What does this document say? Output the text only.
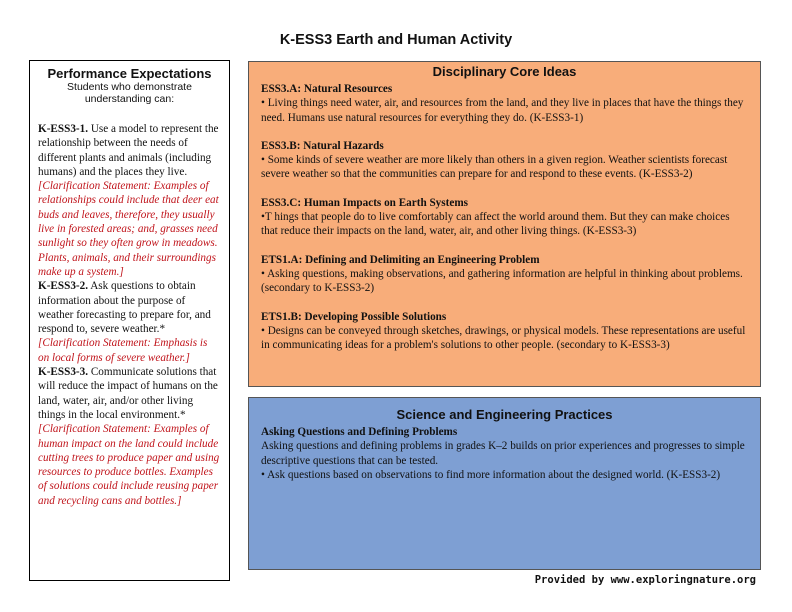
K-ESS3 Earth and Human Activity
Performance Expectations
Students who demonstrate understanding can:

K-ESS3-1. Use a model to represent the relationship between the needs of different plants and animals (including humans) and the places they live. [Clarification Statement: Examples of relationships could include that deer eat buds and leaves, therefore, they usually live in forested areas; and, grasses need sunlight so they often grow in meadows. Plants, animals, and their surroundings make up a system.]

K-ESS3-2. Ask questions to obtain information about the purpose of weather forecasting to prepare for, and respond to, severe weather.* [Clarification Statement: Emphasis is on local forms of severe weather.]

K-ESS3-3. Communicate solutions that will reduce the impact of humans on the land, water, air, and/or other living things in the local environment.* [Clarification Statement: Examples of human impact on the land could include cutting trees to produce paper and using resources to produce bottles. Examples of solutions could include reusing paper and recycling cans and bottles.]

Disciplinary Core Ideas
ESS3.A: Natural Resources
• Living things need water, air, and resources from the land, and they live in places that have the things they need. Humans use natural resources for everything they do. (K-ESS3-1)
ESS3.B: Natural Hazards
• Some kinds of severe weather are more likely than others in a given region. Weather scientists forecast severe weather so that the communities can prepare for and respond to these events. (K-ESS3-2)
ESS3.C: Human Impacts on Earth Systems
•T hings that people do to live comfortably can affect the world around them. But they can make choices that reduce their impacts on the land, water, air, and other living things. (K-ESS3-3)
ETS1.A: Defining and Delimiting an Engineering Problem
• Asking questions, making observations, and gathering information are helpful in thinking about problems. (secondary to K-ESS3-2)
ETS1.B: Developing Possible Solutions
• Designs can be conveyed through sketches, drawings, or physical models. These representations are useful in communicating ideas for a problem's solutions to other people. (secondary to K-ESS3-3)
Science and Engineering Practices
Asking Questions and Defining Problems
Asking questions and defining problems in grades K–2 builds on prior experiences and progresses to simple descriptive questions that can be tested.
• Ask questions based on observations to find more information about the designed world. (K-ESS3-2)
Provided by www.exploringnature.org
